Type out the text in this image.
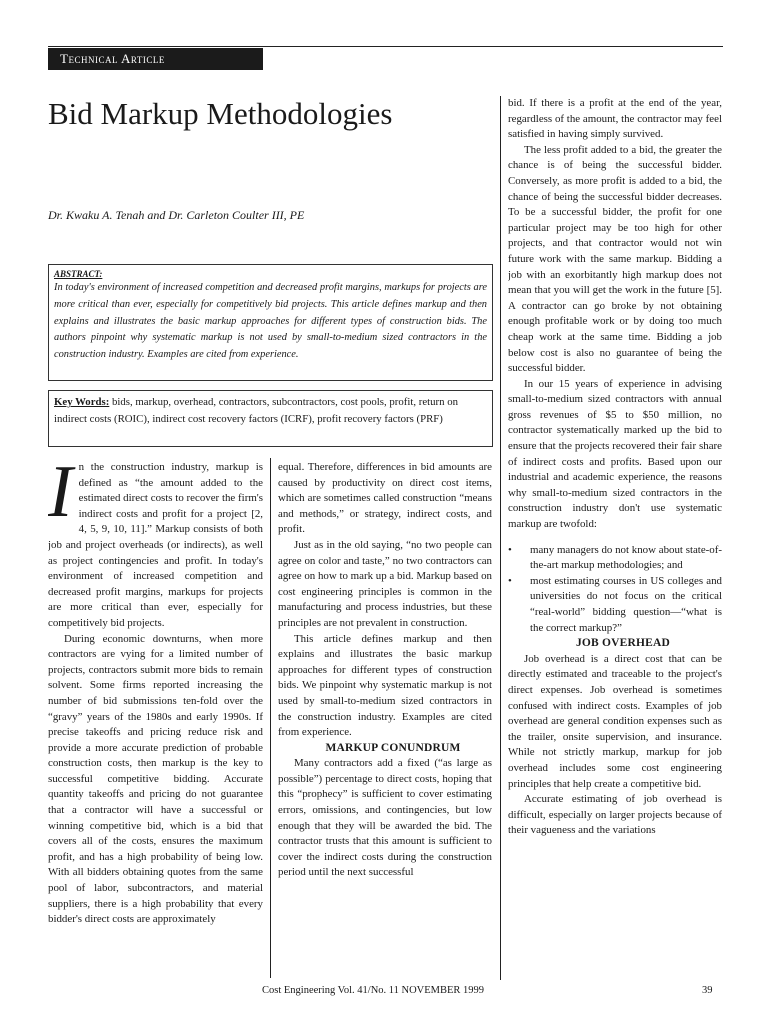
Technical Article
Bid Markup Methodologies
Dr. Kwaku A. Tenah and Dr. Carleton Coulter III, PE
ABSTRACT:

In today's environment of increased competition and decreased profit margins, markups for projects are more critical than ever, especially for competitively bid projects. This article defines markup and then explains and illustrates the basic markup approaches for different types of construction bids. The authors pinpoint why systematic markup is not used by small-to-medium sized contractors in the construction industry. Examples are cited from experience.

Key Words: bids, markup, overhead, contractors, subcontractors, cost pools, profit, return on indirect costs (ROIC), indirect cost recovery factors (ICRF), profit recovery factors (PRF)
I n the construction industry, markup is defined as “the amount added to the estimated direct costs to recover the firm's indirect costs and profit for a project [2, 4, 5, 9, 10, 11].” Markup consists of both job and project overheads (or indirects), as well as project contingencies and profit. In today's environment of increased competition and decreased profit margins, markups for projects are more critical than ever, especially for competitively bid projects.

During economic downturns, when more contractors are vying for a limited number of projects, contractors submit more bids to remain solvent. Some firms reported increasing the number of bid submissions ten-fold over the “gravy” years of the 1980s and early 1990s. If precise takeoffs and pricing reduce risk and provide a more accurate prediction of probable construction costs, then markup is the key to successful competitive bidding. Accurate quantity takeoffs and pricing do not guarantee that a contractor will have a successful or winning competitive bid, which is a bid that covers all of the costs, ensures the maximum profit, and has a high probability of being low. With all bidders obtaining quotes from the same pool of labor, subcontractors, and material suppliers, there is a high probability that every bidder's direct costs are approximately

equal. Therefore, differences in bid amounts are caused by productivity on direct cost items, which are sometimes called construction “means and methods,” or strategy, indirect costs, and profit.

Just as in the old saying, “no two people can agree on color and taste,” no two contractors can agree on how to mark up a bid. Markup based on cost engineering principles is common in the manufacturing and process industries, but these principles are not prevalent in construction.

This article defines markup and then explains and illustrates the basic markup approaches for different types of construction bids. We pinpoint why systematic markup is not used by small-to-medium sized contractors in the construction industry. Examples are cited from experience.

MARKUP CONUNDRUM

Many contractors add a fixed (“as large as possible”) percentage to direct costs, hoping that this “prophecy” is sufficient to cover estimating errors, omissions, and contingencies, but low enough that they will be awarded the bid. The contractor trusts that this amount is sufficient to cover the indirect costs during the construction period until the next successful

bid. If there is a profit at the end of the year, regardless of the amount, the contractor may feel satisfied in having simply survived.

The less profit added to a bid, the greater the chance is of being the successful bidder. Conversely, as more profit is added to a bid, the chance of being the successful bidder decreases. To be a successful bidder, the profit for one particular project may be too high for other projects, and that contractor would not win future work with the same markup. Bidding a job with an exorbitantly high markup does not mean that you will get the work in the future [5]. A contractor can go broke by not obtaining enough profitable work or by doing too much cheap work at the same time. Bidding a job below cost is also no guarantee of being the successful bidder.

In our 15 years of experience in advising small-to-medium sized contractors with annual gross revenues of $5 to $50 million, no contractor systematically marked up the bid to ensure that the projects recovered their fair share of indirect costs and profits. Based upon our industrial and academic experience, the reasons why small-to-medium sized contractors in the construction industry don't use systematic markup are twofold:

• many managers do not know about state-of-the-art markup methodologies; and
• most estimating courses in US colleges and universities do not focus on the critical “real-world” bidding question—“what is the correct markup?”

JOB OVERHEAD

Job overhead is a direct cost that can be directly estimated and traceable to the project's direct expenses. Job overhead is sometimes confused with indirect costs. Examples of job overhead are general condition expenses such as the trailer, onsite supervision, and insurance. While not strictly markup, markup for job overhead includes some cost engineering principles that help create a competitive bid.

Accurate estimating of job overhead is difficult, especially on larger projects because of their vagueness and the variations

Cost Engineering Vol. 41/No. 11 NOVEMBER 1999	39
